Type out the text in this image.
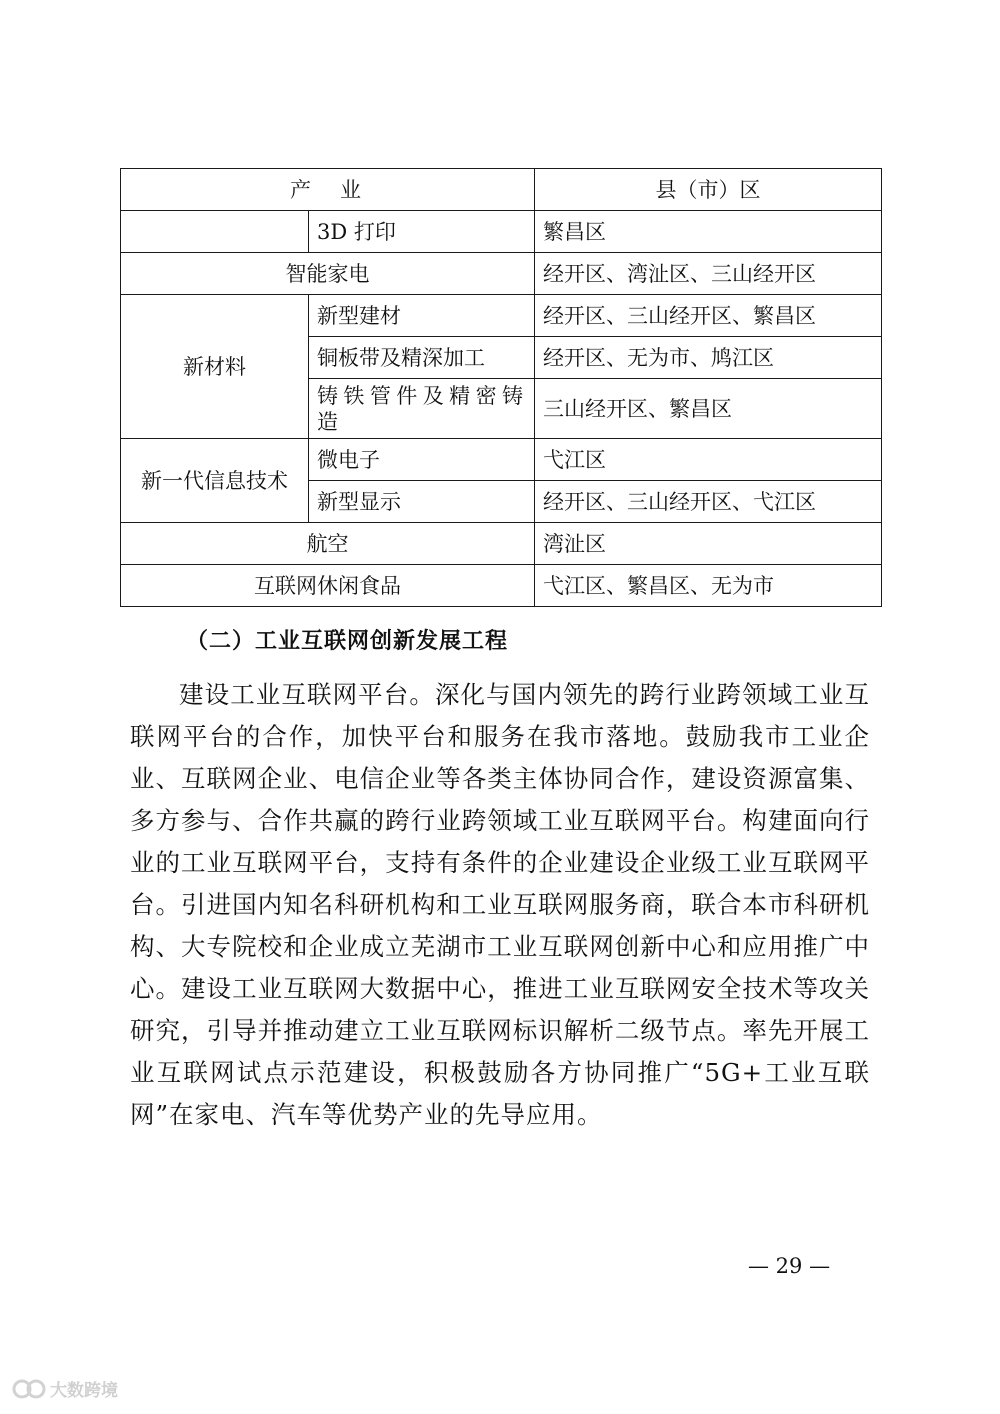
产　业		县（市）区
	3D 打印	繁昌区
智能家电		经开区、湾沚区、三山经开区
新材料	新型建材	经开区、三山经开区、繁昌区
	铜板带及精深加工	经开区、无为市、鸠江区
	铸铁管件及精密铸造	三山经开区、繁昌区
新一代信息技术	微电子	弋江区
	新型显示	经开区、三山经开区、弋江区
航空		湾沚区
互联网休闲食品		弋江区、繁昌区、无为市
（二）工业互联网创新发展工程

建设工业互联网平台。深化与国内领先的跨行业跨领域工业互联网平台的合作，加快平台和服务在我市落地。鼓励我市工业企业、互联网企业、电信企业等各类主体协同合作，建设资源富集、多方参与、合作共赢的跨行业跨领域工业互联网平台。构建面向行业的工业互联网平台，支持有条件的企业建设企业级工业互联网平台。引进国内知名科研机构和工业互联网服务商，联合本市科研机构、大专院校和企业成立芜湖市工业互联网创新中心和应用推广中心。建设工业互联网大数据中心，推进工业互联网安全技术等攻关研究，引导并推动建立工业互联网标识解析二级节点。率先开展工业互联网试点示范建设，积极鼓励各方协同推广“5G+工业互联网”在家电、汽车等优势产业的先导应用。

— 29 —
大数跨境
